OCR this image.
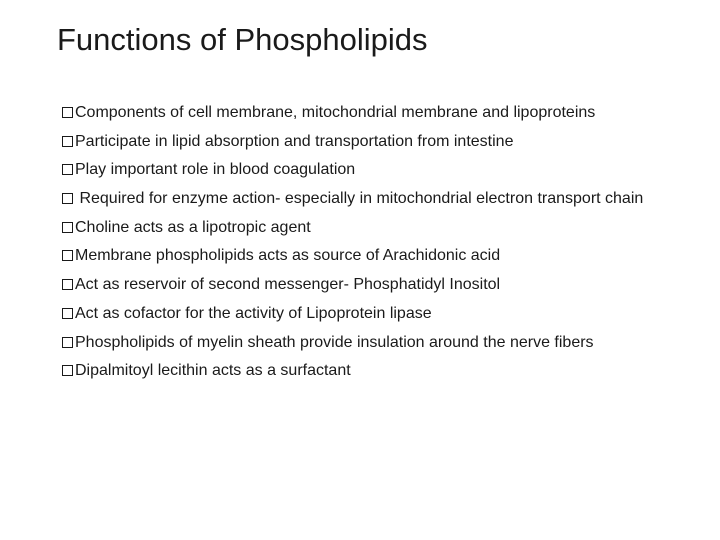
Functions of Phospholipids
Components of cell membrane, mitochondrial membrane and lipoproteins
Participate in lipid absorption and transportation from intestine
Play important role in blood coagulation
Required for enzyme action- especially in mitochondrial electron transport chain
Choline acts as a lipotropic agent
Membrane phospholipids acts as source of Arachidonic acid
Act as reservoir of second messenger- Phosphatidyl Inositol
Act as cofactor for the activity of Lipoprotein lipase
Phospholipids of myelin sheath provide insulation around the nerve fibers
Dipalmitoyl lecithin acts as a surfactant
